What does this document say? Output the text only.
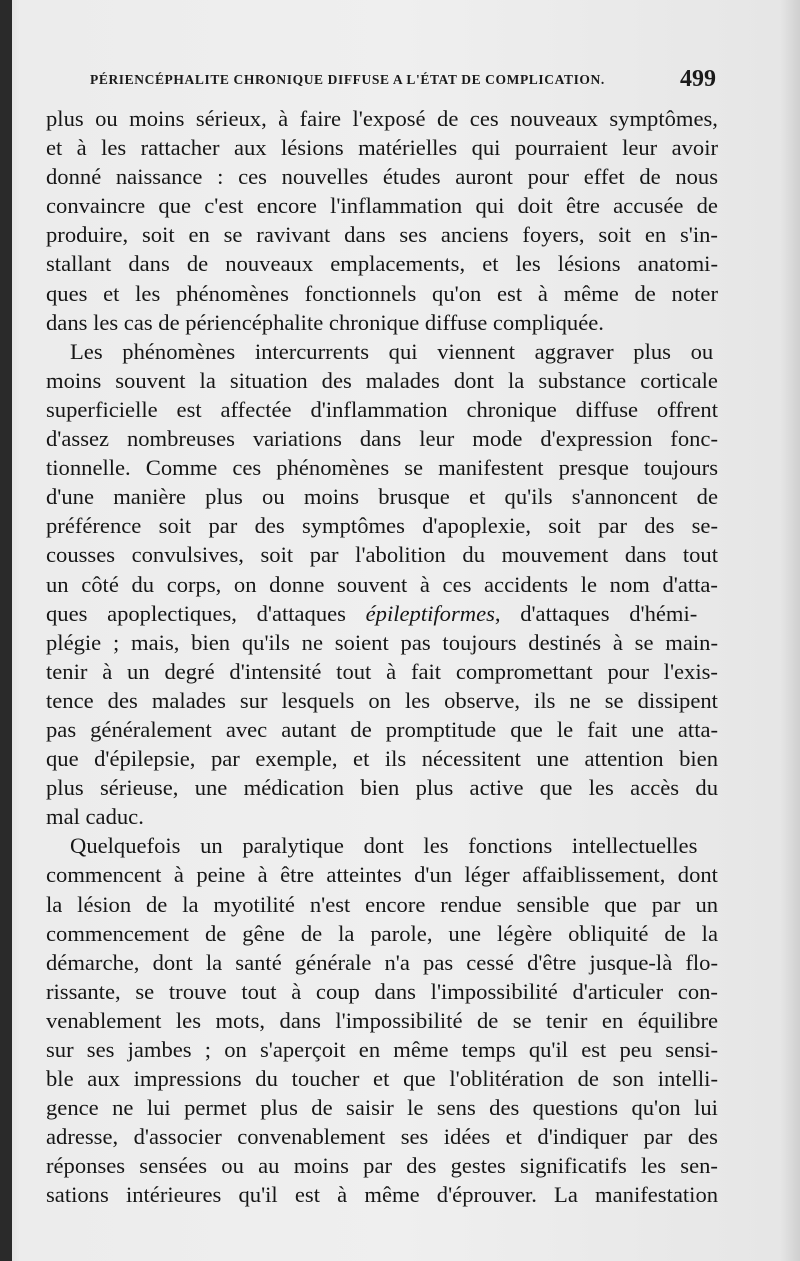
PÉRIENCÉPHALITE CHRONIQUE DIFFUSE A L'ÉTAT DE COMPLICATION.	499
plus ou moins sérieux, à faire l'exposé de ces nouveaux symptômes,
et à les rattacher aux lésions matérielles qui pourraient leur avoir
donné naissance : ces nouvelles études auront pour effet de nous
convaincre que c'est encore l'inflammation qui doit être accusée de
produire, soit en se ravivant dans ses anciens foyers, soit en s'in-
stallant dans de nouveaux emplacements, et les lésions anatomi-
ques et les phénomènes fonctionnels qu'on est à même de noter
dans les cas de périencéphalite chronique diffuse compliquée.
Les phénomènes intercurrents qui viennent aggraver plus ou
moins souvent la situation des malades dont la substance corticale
superficielle est affectée d'inflammation chronique diffuse offrent
d'assez nombreuses variations dans leur mode d'expression fonc-
tionnelle. Comme ces phénomènes se manifestent presque toujours
d'une manière plus ou moins brusque et qu'ils s'annoncent de
préférence soit par des symptômes d'apoplexie, soit par des se-
cousses convulsives, soit par l'abolition du mouvement dans tout
un côté du corps, on donne souvent à ces accidents le nom d'atta-
ques apoplectiques, d'attaques épileptiformes, d'attaques d'hémi-
plégie ; mais, bien qu'ils ne soient pas toujours destinés à se main-
tenir à un degré d'intensité tout à fait compromettant pour l'exis-
tence des malades sur lesquels on les observe, ils ne se dissipent
pas généralement avec autant de promptitude que le fait une atta-
que d'épilepsie, par exemple, et ils nécessitent une attention bien
plus sérieuse, une médication bien plus active que les accès du
mal caduc.
Quelquefois un paralytique dont les fonctions intellectuelles
commencent à peine à être atteintes d'un léger affaiblissement, dont
la lésion de la myotilité n'est encore rendue sensible que par un
commencement de gêne de la parole, une légère obliquité de la
démarche, dont la santé générale n'a pas cessé d'être jusque-là flo-
rissante, se trouve tout à coup dans l'impossibilité d'articuler con-
venablement les mots, dans l'impossibilité de se tenir en équilibre
sur ses jambes ; on s'aperçoit en même temps qu'il est peu sensi-
ble aux impressions du toucher et que l'oblitération de son intelli-
gence ne lui permet plus de saisir le sens des questions qu'on lui
adresse, d'associer convenablement ses idées et d'indiquer par des
réponses sensées ou au moins par des gestes significatifs les sen-
sations intérieures qu'il est à même d'éprouver. La manifestation
